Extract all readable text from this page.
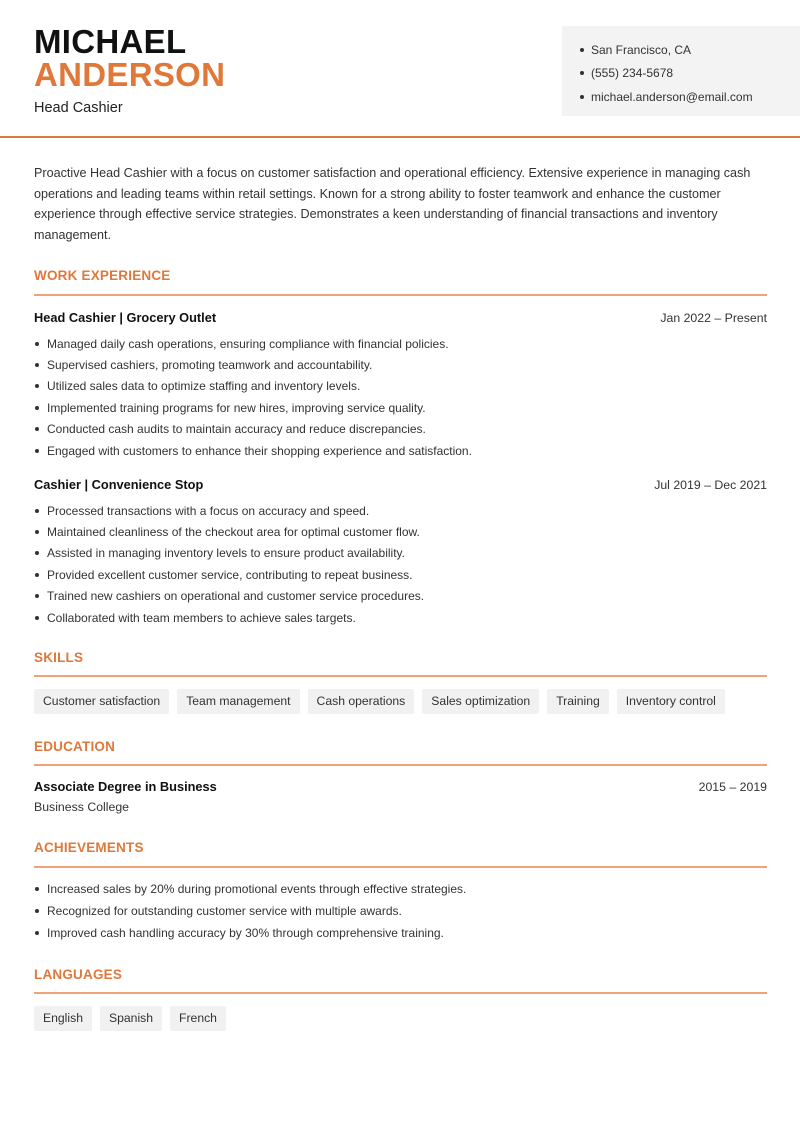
MICHAEL
ANDERSON
Head Cashier
San Francisco, CA
(555) 234-5678
michael.anderson@email.com

Proactive Head Cashier with a focus on customer satisfaction and operational efficiency. Extensive experience in managing cash operations and leading teams within retail settings. Known for a strong ability to foster teamwork and enhance the customer experience through effective service strategies. Demonstrates a keen understanding of financial transactions and inventory management.

WORK EXPERIENCE
Head Cashier | Grocery Outlet	Jan 2022 – Present
Managed daily cash operations, ensuring compliance with financial policies.
Supervised cashiers, promoting teamwork and accountability.
Utilized sales data to optimize staffing and inventory levels.
Implemented training programs for new hires, improving service quality.
Conducted cash audits to maintain accuracy and reduce discrepancies.
Engaged with customers to enhance their shopping experience and satisfaction.
Cashier | Convenience Stop	Jul 2019 – Dec 2021
Processed transactions with a focus on accuracy and speed.
Maintained cleanliness of the checkout area for optimal customer flow.
Assisted in managing inventory levels to ensure product availability.
Provided excellent customer service, contributing to repeat business.
Trained new cashiers on operational and customer service procedures.
Collaborated with team members to achieve sales targets.
SKILLS
Customer satisfaction	Team management	Cash operations	Sales optimization	Training	Inventory control
EDUCATION
Associate Degree in Business	2015 – 2019
Business College
ACHIEVEMENTS
Increased sales by 20% during promotional events through effective strategies.
Recognized for outstanding customer service with multiple awards.
Improved cash handling accuracy by 30% through comprehensive training.
LANGUAGES
English	Spanish	French
